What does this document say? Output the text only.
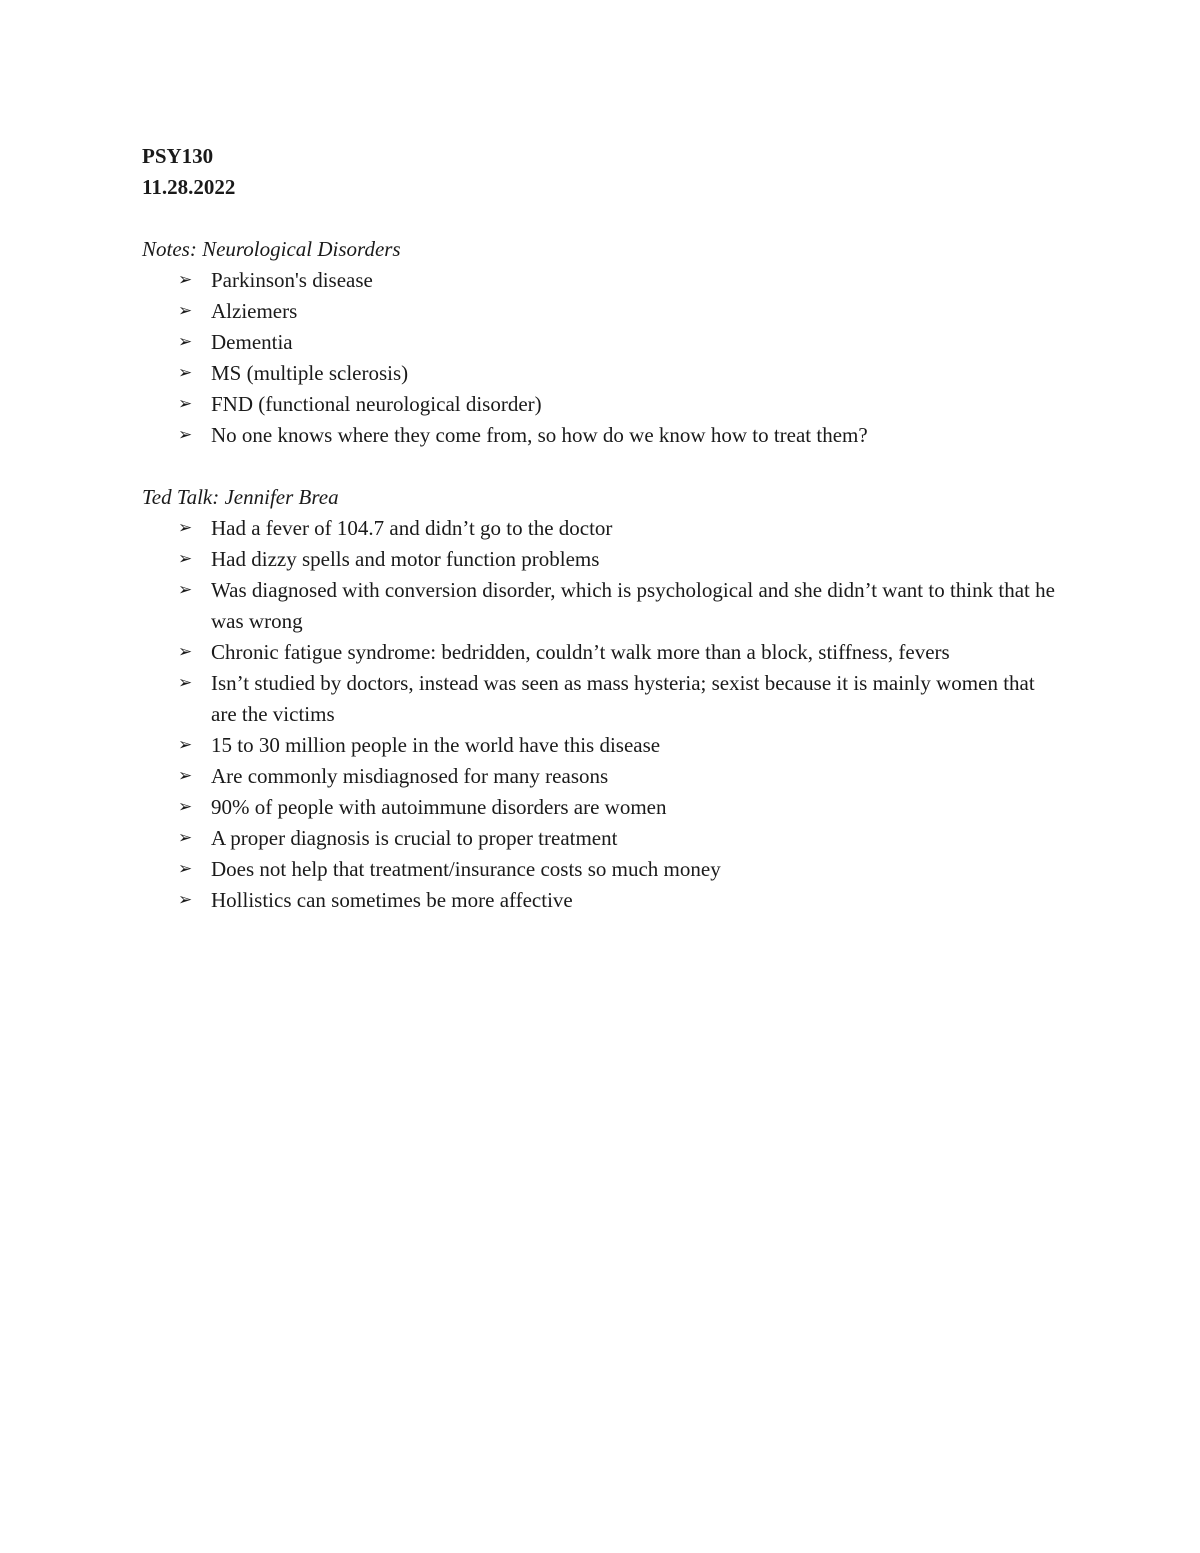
PSY130
11.28.2022
Notes: Neurological Disorders
➢ Parkinson's disease
➢ Alziemers
➢ Dementia
➢ MS (multiple sclerosis)
➢ FND (functional neurological disorder)
➢ No one knows where they come from, so how do we know how to treat them?
Ted Talk: Jennifer Brea
➢ Had a fever of 104.7 and didn’t go to the doctor
➢ Had dizzy spells and motor function problems
➢ Was diagnosed with conversion disorder, which is psychological and she didn’t want to think that he was wrong
➢ Chronic fatigue syndrome: bedridden, couldn’t walk more than a block, stiffness, fevers
➢ Isn’t studied by doctors, instead was seen as mass hysteria; sexist because it is mainly women that are the victims
➢ 15 to 30 million people in the world have this disease
➢ Are commonly misdiagnosed for many reasons
➢ 90% of people with autoimmune disorders are women
➢ A proper diagnosis is crucial to proper treatment
➢ Does not help that treatment/insurance costs so much money
➢ Hollistics can sometimes be more affective
